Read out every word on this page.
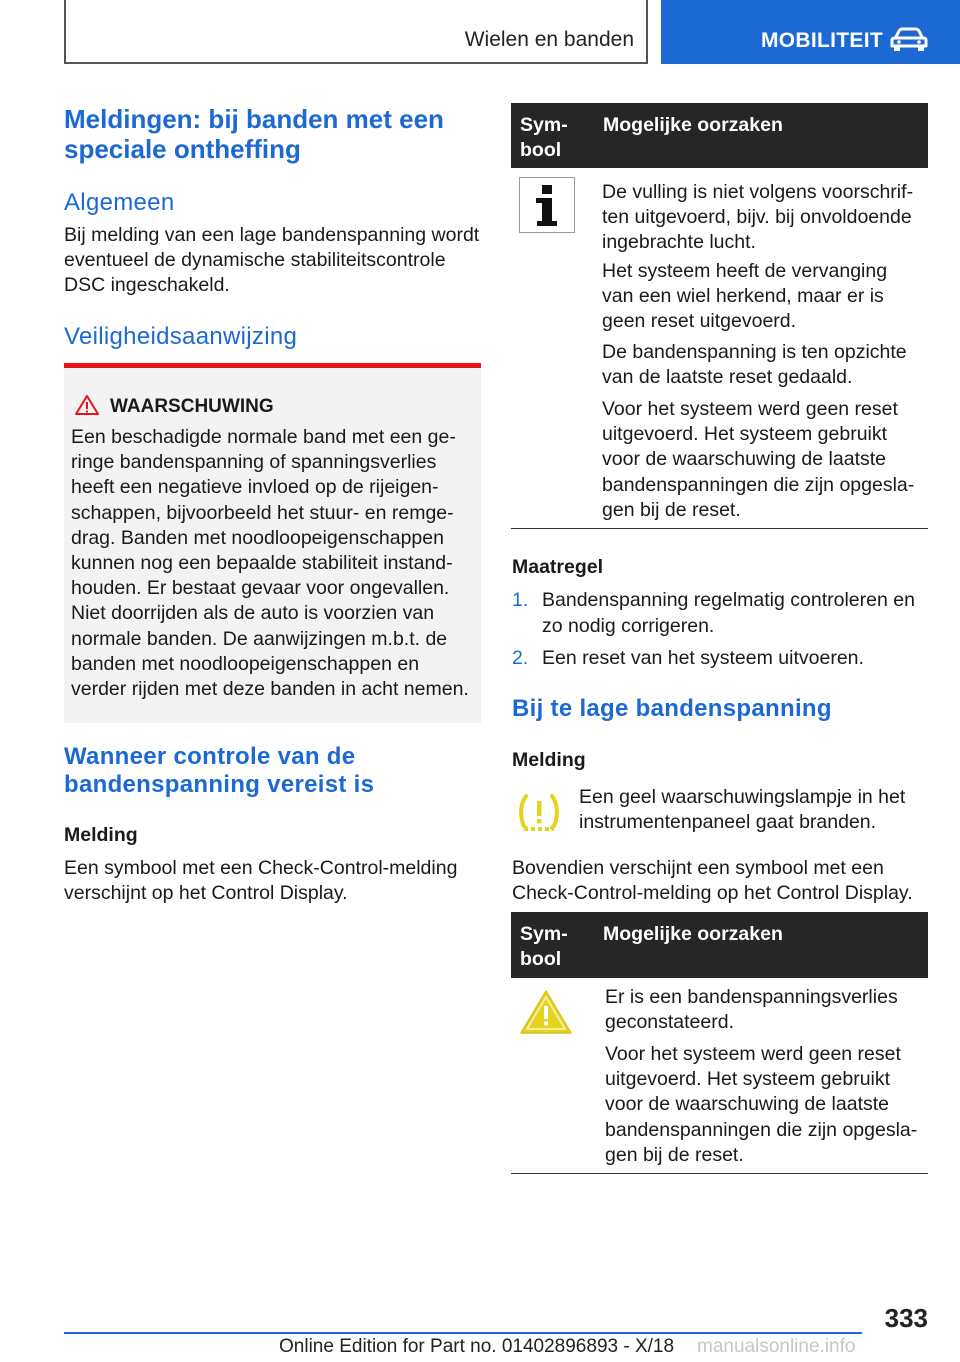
Wielen en banden	MOBILITEIT
Meldingen: bij banden met een speciale ontheffing
Algemeen

Bij melding van een lage bandenspanning wordt eventueel de dynamische stabiliteitscontrole DSC ingeschakeld.

Veiligheidsaanwijzing
WAARSCHUWING
Een beschadigde normale band met een geringe bandenspanning of spanningsverlies heeft een negatieve invloed op de rijeigenschappen, bijvoorbeeld het stuur- en remgedrag. Banden met noodloopeigenschappen kunnen nog een bepaalde stabiliteit instandhouden. Er bestaat gevaar voor ongevallen. Niet doorrijden als de auto is voorzien van normale banden. De aanwijzingen m.b.t. de banden met noodloopeigenschappen en verder rijden met deze banden in acht nemen.
Wanneer controle van de bandenspanning vereist is

Melding

Een symbool met een Check-Control-melding verschijnt op het Control Display.

Symbool
Mogelijke oorzaken
De vulling is niet volgens voorschriften uitgevoerd, bijv. bij onvoldoende ingebrachte lucht.
Het systeem heeft de vervanging van een wiel herkend, maar er is geen reset uitgevoerd.
De bandenspanning is ten opzichte van de laatste reset gedaald.
Voor het systeem werd geen reset uitgevoerd. Het systeem gebruikt voor de waarschuwing de laatste bandenspanningen die zijn opgeslagen bij de reset.

Maatregel

1. Bandenspanning regelmatig controleren en zo nodig corrigeren.
2. Een reset van het systeem uitvoeren.
Bij te lage bandenspanning

Melding

Een geel waarschuwingslampje in het instrumentenpaneel gaat branden.

Bovendien verschijnt een symbool met een Check-Control-melding op het Control Display.

Symbool
Mogelijke oorzaken
Er is een bandenspanningsverlies geconstateerd.
Voor het systeem werd geen reset uitgevoerd. Het systeem gebruikt voor de waarschuwing de laatste bandenspanningen die zijn opgeslagen bij de reset.
333
Online Edition for Part no. 01402896893 - X/18 manualsonline.info
